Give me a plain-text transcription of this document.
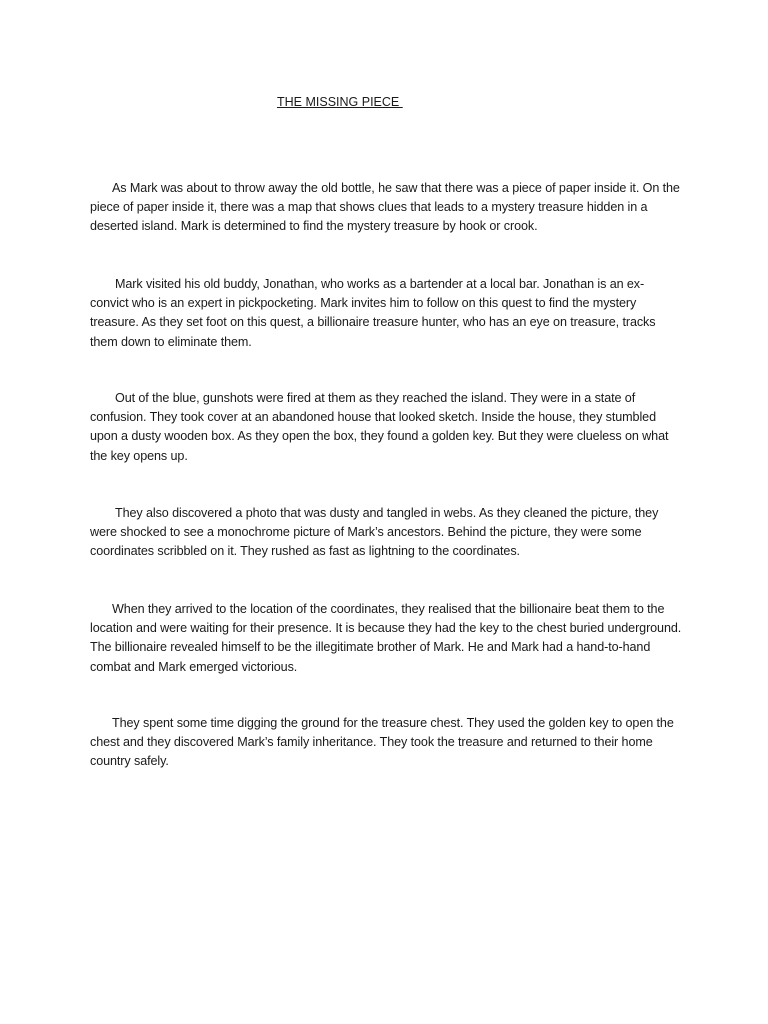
THE MISSING PIECE

As Mark was about to throw away the old bottle, he saw that there was a piece of paper inside it. On the piece of paper inside it, there was a map that shows clues that leads to a mystery treasure hidden in a deserted island. Mark is determined to find the mystery treasure by hook or crook.

Mark visited his old buddy, Jonathan, who works as a bartender at a local bar. Jonathan is an ex-convict who is an expert in pickpocketing. Mark invites him to follow on this quest to find the mystery treasure. As they set foot on this quest, a billionaire treasure hunter, who has an eye on treasure, tracks them down to eliminate them.

Out of the blue, gunshots were fired at them as they reached the island. They were in a state of confusion. They took cover at an abandoned house that looked sketch. Inside the house, they stumbled upon a dusty wooden box. As they open the box, they found a golden key. But they were clueless on what the key opens up.

They also discovered a photo that was dusty and tangled in webs. As they cleaned the picture, they were shocked to see a monochrome picture of Mark’s ancestors. Behind the picture, they were some coordinates scribbled on it. They rushed as fast as lightning to the coordinates.

When they arrived to the location of the coordinates, they realised that the billionaire beat them to the location and were waiting for their presence. It is because they had the key to the chest buried underground. The billionaire revealed himself to be the illegitimate brother of Mark. He and Mark had a hand-to-hand combat and Mark emerged victorious.

They spent some time digging the ground for the treasure chest. They used the golden key to open the chest and they discovered Mark’s family inheritance. They took the treasure and returned to their home country safely.
